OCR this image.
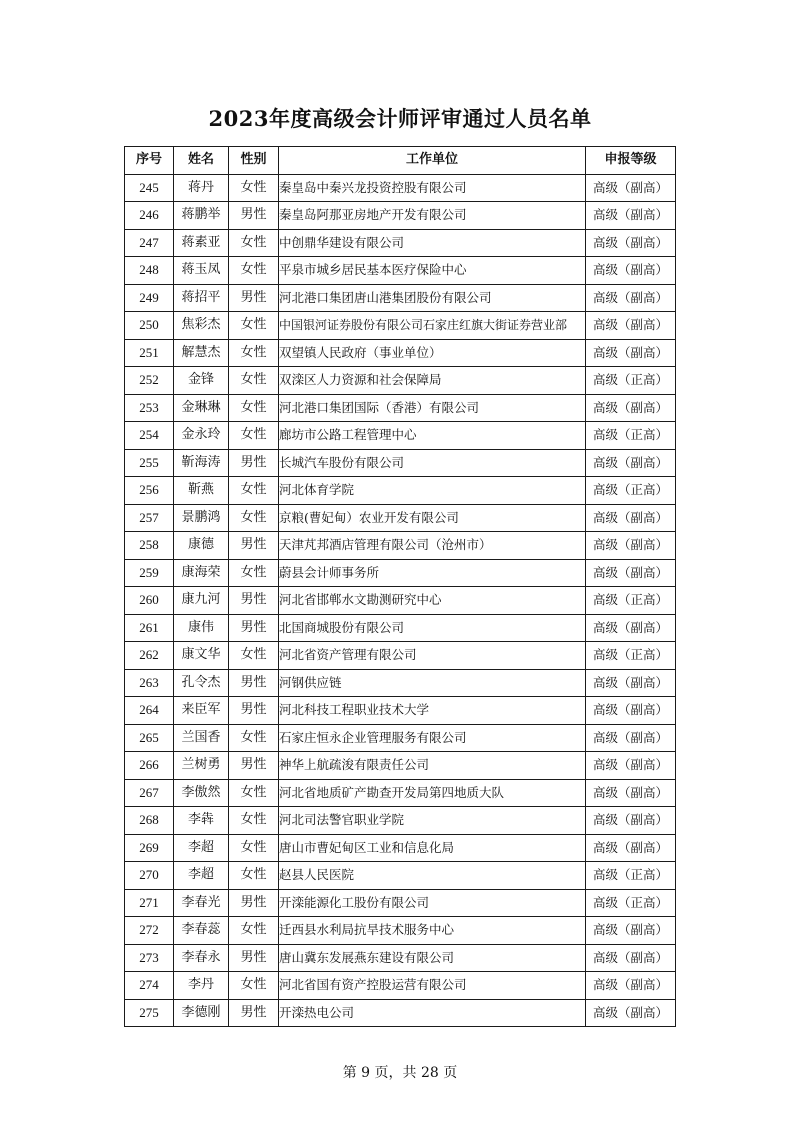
2023年度高级会计师评审通过人员名单
序号	姓名	性别	工作单位	申报等级
245	蒋丹	女性	秦皇岛中秦兴龙投资控股有限公司	高级（副高）
246	蒋鹏举	男性	秦皇岛阿那亚房地产开发有限公司	高级（副高）
247	蒋素亚	女性	中创鼎华建设有限公司	高级（副高）
248	蒋玉凤	女性	平泉市城乡居民基本医疗保险中心	高级（副高）
249	蒋招平	男性	河北港口集团唐山港集团股份有限公司	高级（副高）
250	焦彩杰	女性	中国银河证券股份有限公司石家庄红旗大街证券营业部	高级（副高）
251	解慧杰	女性	双望镇人民政府（事业单位）	高级（副高）
252	金锋	女性	双滦区人力资源和社会保障局	高级（正高）
253	金琳琳	女性	河北港口集团国际（香港）有限公司	高级（副高）
254	金永玲	女性	廊坊市公路工程管理中心	高级（正高）
255	靳海涛	男性	长城汽车股份有限公司	高级（副高）
256	靳燕	女性	河北体育学院	高级（正高）
257	景鹏鸿	女性	京粮(曹妃甸）农业开发有限公司	高级（副高）
258	康德	男性	天津芃邦酒店管理有限公司（沧州市）	高级（副高）
259	康海荣	女性	蔚县会计师事务所	高级（副高）
260	康九河	男性	河北省邯郸水文勘测研究中心	高级（正高）
261	康伟	男性	北国商城股份有限公司	高级（副高）
262	康文华	女性	河北省资产管理有限公司	高级（正高）
263	孔令杰	男性	河钢供应链	高级（副高）
264	来臣军	男性	河北科技工程职业技术大学	高级（副高）
265	兰国香	女性	石家庄恒永企业管理服务有限公司	高级（副高）
266	兰树勇	男性	神华上航疏浚有限责任公司	高级（副高）
267	李傲然	女性	河北省地质矿产勘查开发局第四地质大队	高级（副高）
268	李犇	女性	河北司法警官职业学院	高级（副高）
269	李超	女性	唐山市曹妃甸区工业和信息化局	高级（副高）
270	李超	女性	赵县人民医院	高级（正高）
271	李春光	男性	开滦能源化工股份有限公司	高级（正高）
272	李春蕊	女性	迁西县水利局抗旱技术服务中心	高级（副高）
273	李春永	男性	唐山冀东发展燕东建设有限公司	高级（副高）
274	李丹	女性	河北省国有资产控股运营有限公司	高级（副高）
275	李德刚	男性	开滦热电公司	高级（副高）
第 9 页，共 28 页
